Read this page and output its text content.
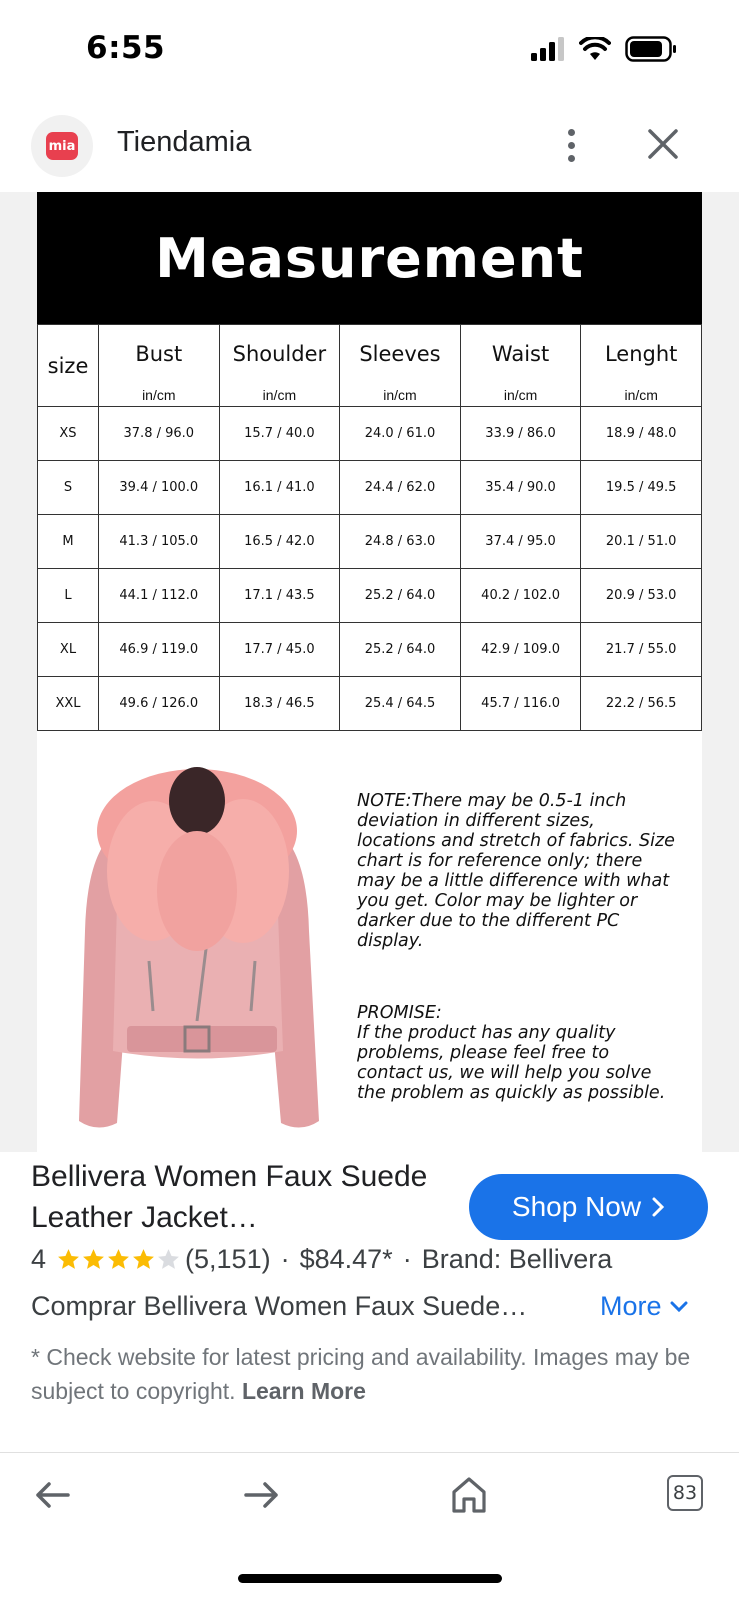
6:55
mia Tiendamia
Measurement
size	Bust	Shoulder	Sleeves	Waist	Lenght
	in/cm	in/cm	in/cm	in/cm	in/cm
XS	37.8 / 96.0	15.7 / 40.0	24.0 / 61.0	33.9 / 86.0	18.9 / 48.0
S	39.4 / 100.0	16.1 / 41.0	24.4 / 62.0	35.4 / 90.0	19.5 / 49.5
M	41.3 / 105.0	16.5 / 42.0	24.8 / 63.0	37.4 / 95.0	20.1 / 51.0
L	44.1 / 112.0	17.1 / 43.5	25.2 / 64.0	40.2 / 102.0	20.9 / 53.0
XL	46.9 / 119.0	17.7 / 45.0	25.2 / 64.0	42.9 / 109.0	21.7 / 55.0
XXL	49.6 / 126.0	18.3 / 46.5	25.4 / 64.5	45.7 / 116.0	22.2 / 56.5
NOTE:There may be 0.5-1 inch
deviation in different sizes,
locations and stretch of fabrics. Size
chart is for reference only; there
may be a little difference with what
you get. Color may be lighter or
darker due to the different PC
display.
PROMISE:
If the product has any quality
problems, please feel free to
contact us, we will help you solve
the problem as quickly as possible.
Bellivera Women Faux Suede Leather Jacket…	Shop Now
4	(5,151) · $84.47* · Brand: Bellivera
Comprar Bellivera Women Faux Suede…	More
* Check website for latest pricing and availability. Images may be subject to copyright. Learn More
83
